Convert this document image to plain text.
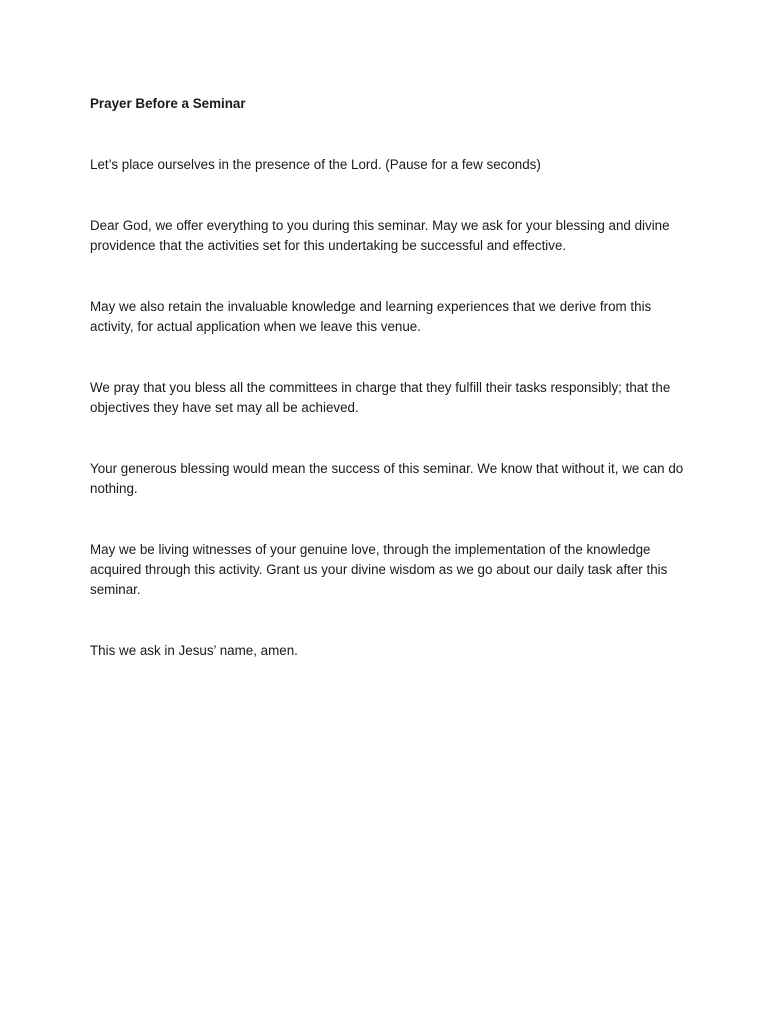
Prayer Before a Seminar

Let’s place ourselves in the presence of the Lord. (Pause for a few seconds)

Dear God, we offer everything to you during this seminar. May we ask for your blessing and divine providence that the activities set for this undertaking be successful and effective.

May we also retain the invaluable knowledge and learning experiences that we derive from this activity, for actual application when we leave this venue.

We pray that you bless all the committees in charge that they fulfill their tasks responsibly; that the objectives they have set may all be achieved.

Your generous blessing would mean the success of this seminar. We know that without it, we can do nothing.

May we be living witnesses of your genuine love, through the implementation of the knowledge acquired through this activity. Grant us your divine wisdom as we go about our daily task after this seminar.

This we ask in Jesus’ name, amen.
